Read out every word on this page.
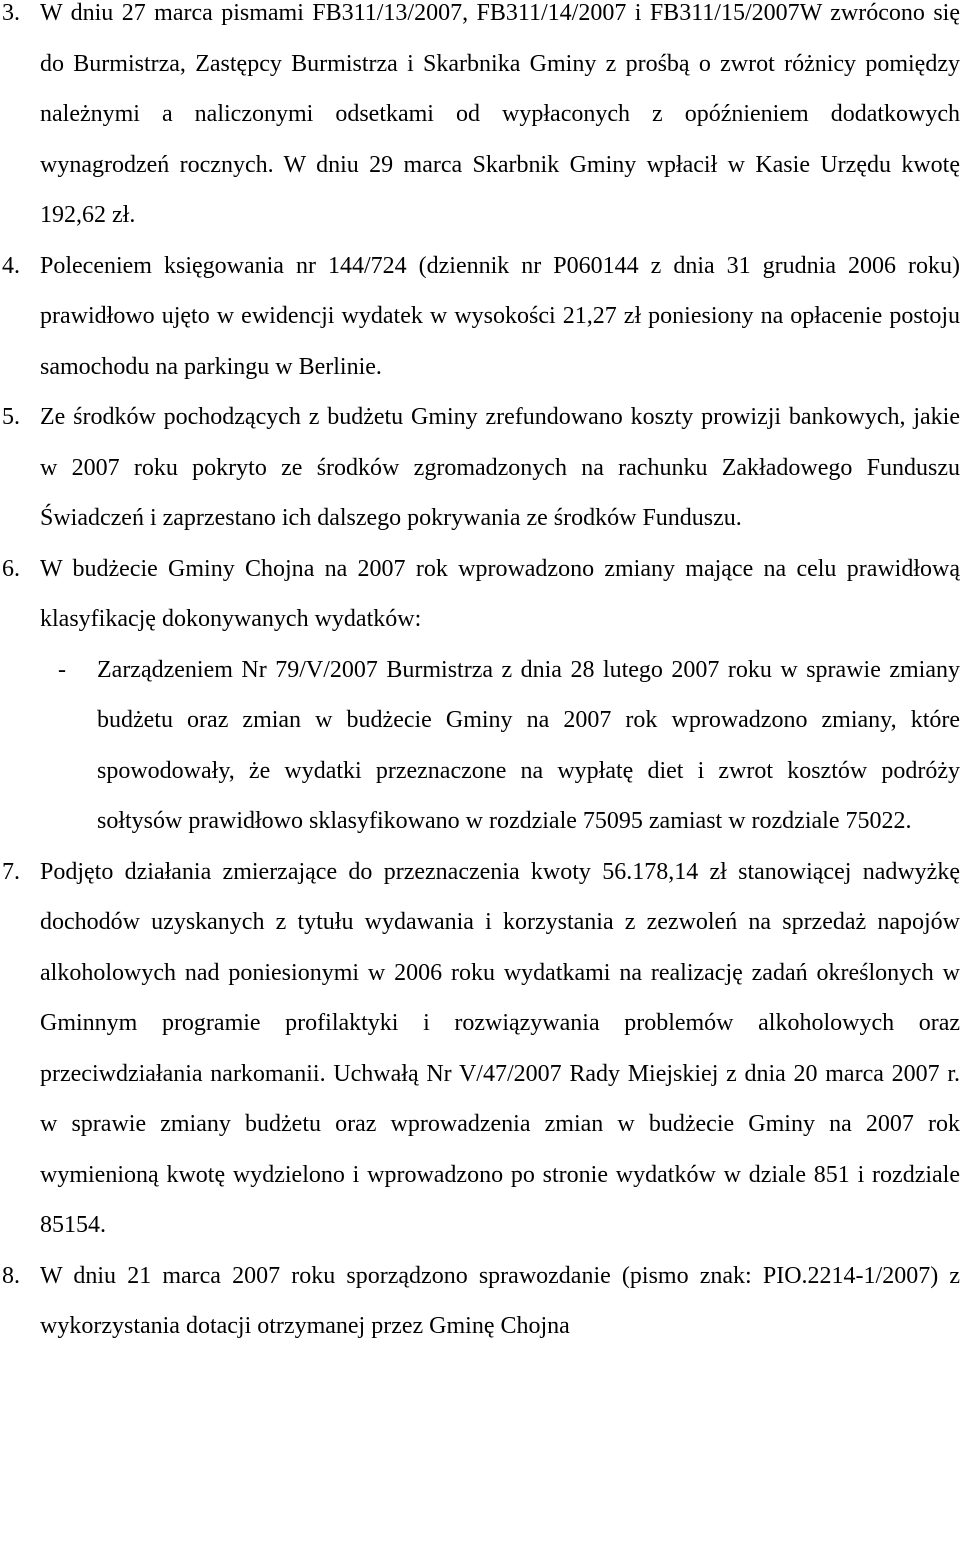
3. W dniu 27 marca pismami FB311/13/2007, FB311/14/2007 i FB311/15/2007W zwrócono się do Burmistrza, Zastępcy Burmistrza i Skarbnika Gminy z prośbą o zwrot różnicy pomiędzy należnymi a naliczonymi odsetkami od wypłaconych z opóźnieniem dodatkowych wynagrodzeń rocznych. W dniu 29 marca Skarbnik Gminy wpłacił w Kasie Urzędu kwotę 192,62 zł.
4. Poleceniem księgowania nr 144/724 (dziennik nr P060144 z dnia 31 grudnia 2006 roku) prawidłowo ujęto w ewidencji wydatek w wysokości 21,27 zł poniesiony na opłacenie postoju samochodu na parkingu w Berlinie.
5. Ze środków pochodzących z budżetu Gminy zrefundowano koszty prowizji bankowych, jakie w 2007 roku pokryto ze środków zgromadzonych na rachunku Zakładowego Funduszu Świadczeń i zaprzestano ich dalszego pokrywania ze środków Funduszu.
6. W budżecie Gminy Chojna na 2007 rok wprowadzono zmiany mające na celu prawidłową klasyfikację dokonywanych wydatków:
- Zarządzeniem Nr 79/V/2007 Burmistrza z dnia 28 lutego 2007 roku w sprawie zmiany budżetu oraz zmian w budżecie Gminy na 2007 rok wprowadzono zmiany, które spowodowały, że wydatki przeznaczone na wypłatę diet i zwrot kosztów podróży sołtysów prawidłowo sklasyfikowano w rozdziale 75095 zamiast w rozdziale 75022.
7. Podjęto działania zmierzające do przeznaczenia kwoty 56.178,14 zł stanowiącej nadwyżkę dochodów uzyskanych z tytułu wydawania i korzystania z zezwoleń na sprzedaż napojów alkoholowych nad poniesionymi w 2006 roku wydatkami na realizację zadań określonych w Gminnym programie profilaktyki i rozwiązywania problemów alkoholowych oraz przeciwdziałania narkomanii. Uchwałą Nr V/47/2007 Rady Miejskiej z dnia 20 marca 2007 r. w sprawie zmiany budżetu oraz wprowadzenia zmian w budżecie Gminy na 2007 rok wymienioną kwotę wydzielono i wprowadzono po stronie wydatków w dziale 851 i rozdziale 85154.
8. W dniu 21 marca 2007 roku sporządzono sprawozdanie (pismo znak: PIO.2214-1/2007) z wykorzystania dotacji otrzymanej przez Gminę Chojna
